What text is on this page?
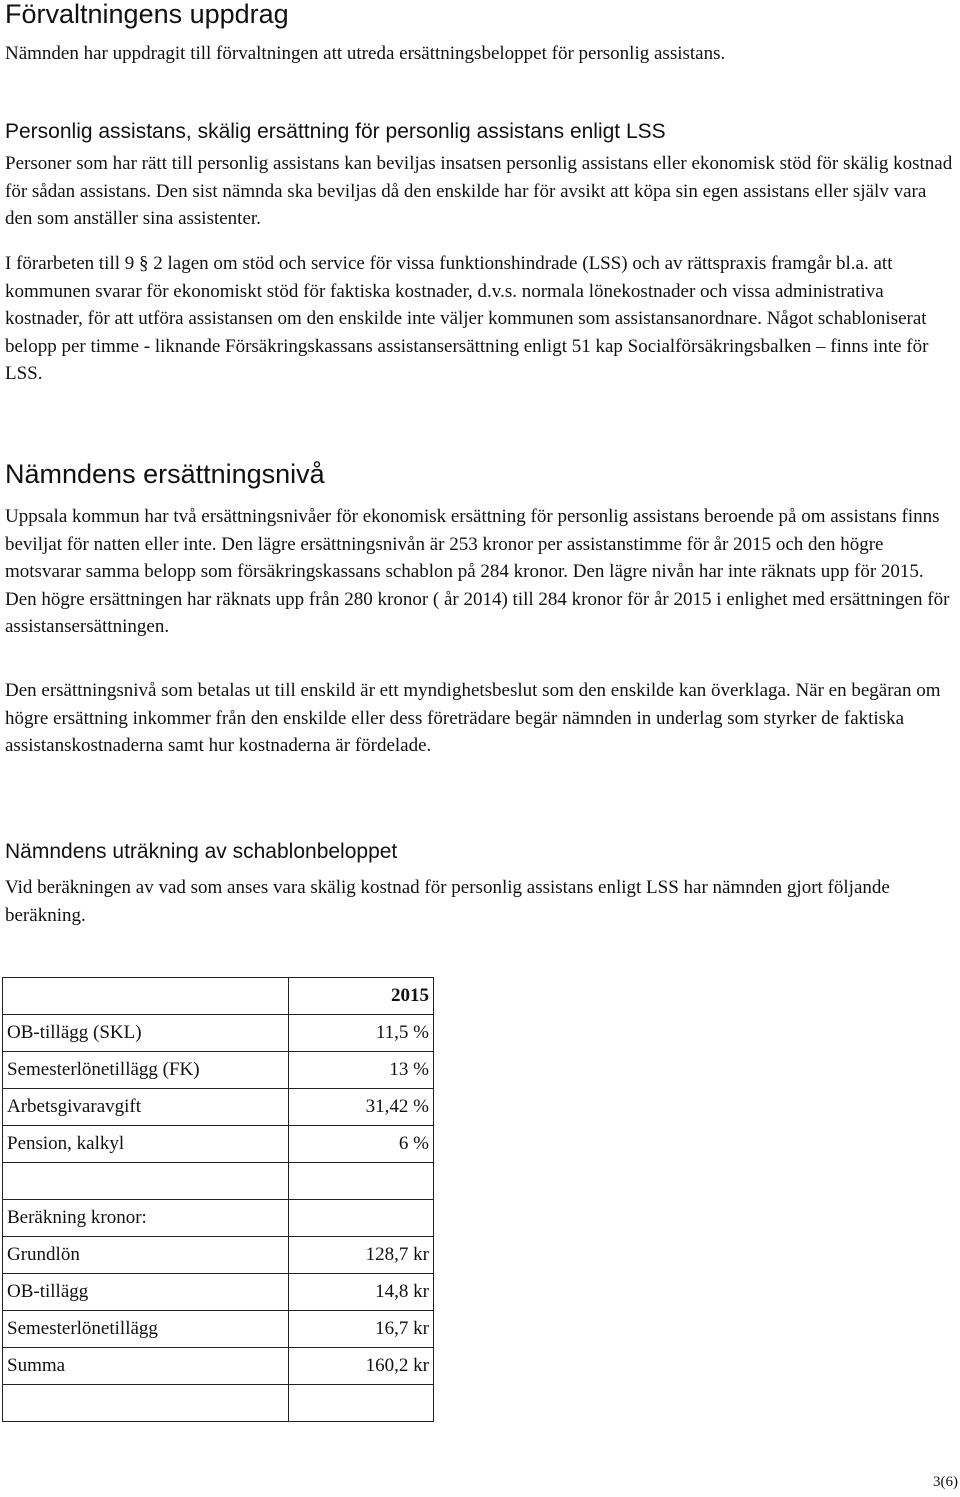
Förvaltningens uppdrag

Nämnden har uppdragit till förvaltningen att utreda ersättningsbeloppet för personlig assistans.

Personlig assistans, skälig ersättning för personlig assistans enligt LSS

Personer som har rätt till personlig assistans kan beviljas insatsen personlig assistans eller ekonomisk stöd för skälig kostnad för sådan assistans. Den sist nämnda ska beviljas då den enskilde har för avsikt att köpa sin egen assistans eller själv vara den som anställer sina assistenter.

I förarbeten till 9 § 2 lagen om stöd och service för vissa funktionshindrade (LSS) och av rättspraxis framgår bl.a. att kommunen svarar för ekonomiskt stöd för faktiska kostnader, d.v.s. normala lönekostnader och vissa administrativa kostnader, för att utföra assistansen om den enskilde inte väljer kommunen som assistansanordnare. Något schabloniserat belopp per timme - liknande Försäkringskassans assistansersättning enligt 51 kap Socialförsäkringsbalken – finns inte för LSS.

Nämndens ersättningsnivå

Uppsala kommun har två ersättningsnivåer för ekonomisk ersättning för personlig assistans beroende på om assistans finns beviljat för natten eller inte. Den lägre ersättningsnivån är 253 kronor per assistanstimme för år 2015 och den högre motsvarar samma belopp som försäkringskassans schablon på 284 kronor. Den lägre nivån har inte räknats upp för 2015. Den högre ersättningen har räknats upp från 280 kronor ( år 2014) till 284 kronor för år 2015 i enlighet med ersättningen för assistansersättningen.

Den ersättningsnivå som betalas ut till enskild är ett myndighetsbeslut som den enskilde kan överklaga. När en begäran om högre ersättning inkommer från den enskilde eller dess företrädare begär nämnden in underlag som styrker de faktiska assistanskostnaderna samt hur kostnaderna är fördelade.

Nämndens uträkning av schablonbeloppet

Vid beräkningen av vad som anses vara skälig kostnad för personlig assistans enligt LSS har nämnden gjort följande beräkning.

	2015
OB-tillägg (SKL)	11,5 %
Semesterlönetillägg (FK)	13 %
Arbetsgivaravgift	31,42 %
Pension, kalkyl	6 %

Beräkning kronor:	
Grundlön	128,7 kr
OB-tillägg	14,8 kr
Semesterlönetillägg	16,7 kr
Summa	160,2 kr

3(6)
